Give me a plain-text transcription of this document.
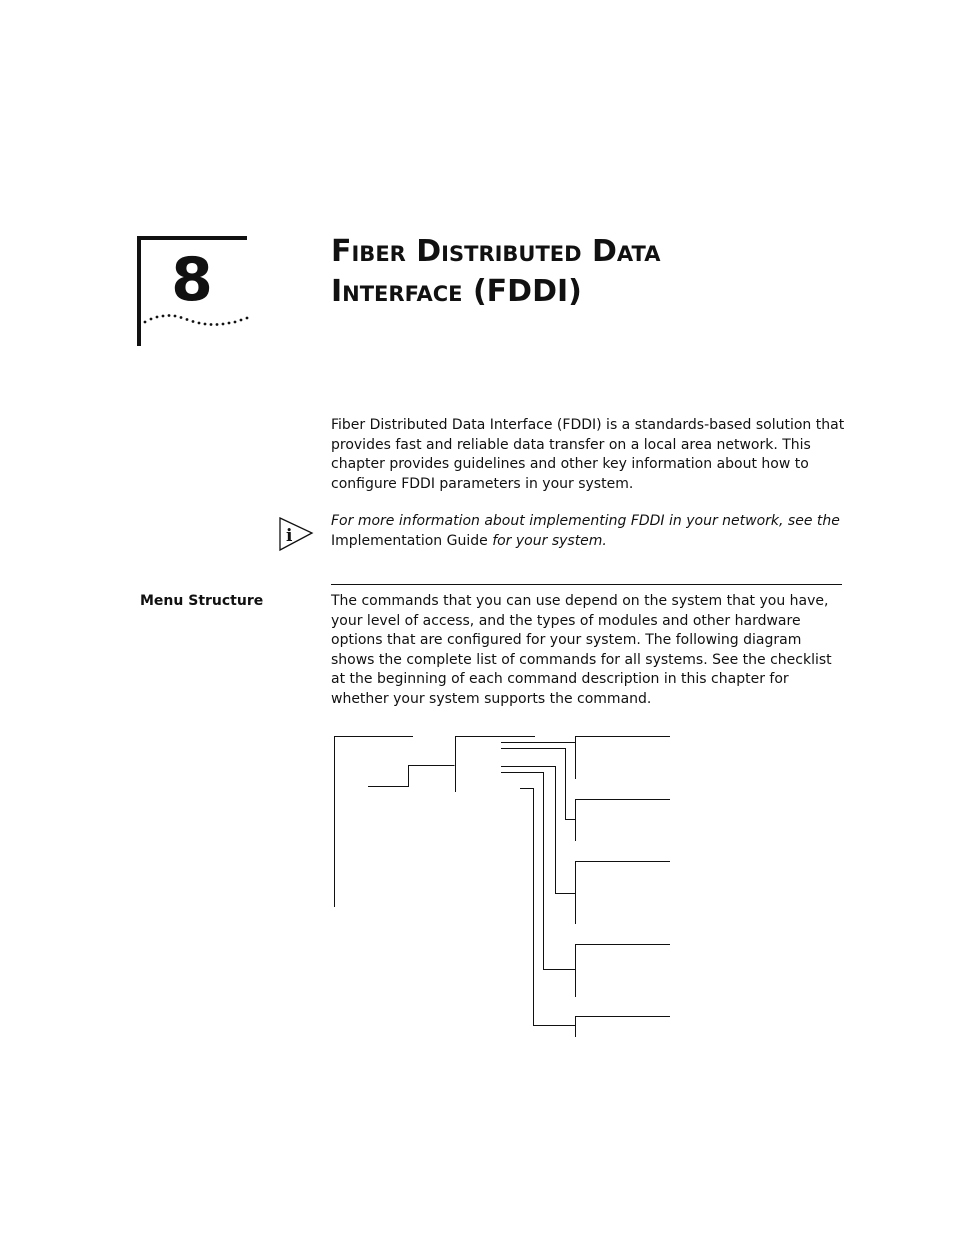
8	Fiber Distributed Data
Interface (FDDI)

Fiber Distributed Data Interface (FDDI) is a standards-based solution that provides fast and reliable data transfer on a local area network. This chapter provides guidelines and other key information about how to configure FDDI parameters in your system.

i

For more information about implementing FDDI in your network, see the Implementation Guide for your system.

Menu Structure	The commands that you can use depend on the system that you have, your level of access, and the types of modules and other hardware options that are configured for your system. The following diagram shows the complete list of commands for all systems. See the checklist at the beginning of each command description in this chapter for whether your system supports the command.
